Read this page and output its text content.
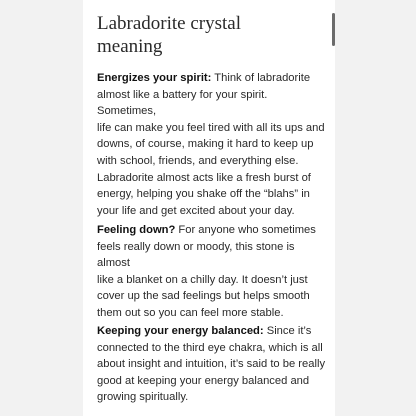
Labradorite crystal
meaning

Energizes your spirit: Think of labradorite
almost like a battery for your spirit. Sometimes,
life can make you feel tired with all its ups and
downs, of course, making it hard to keep up
with school, friends, and everything else.
Labradorite almost acts like a fresh burst of
energy, helping you shake off the “blahs” in
your life and get excited about your day.

Feeling down? For anyone who sometimes
feels really down or moody, this stone is almost
like a blanket on a chilly day. It doesn’t just
cover up the sad feelings but helps smooth
them out so you can feel more stable.

Keeping your energy balanced: Since it’s
connected to the third eye chakra, which is all
about insight and intuition, it’s said to be really
good at keeping your energy balanced and
growing spiritually.
